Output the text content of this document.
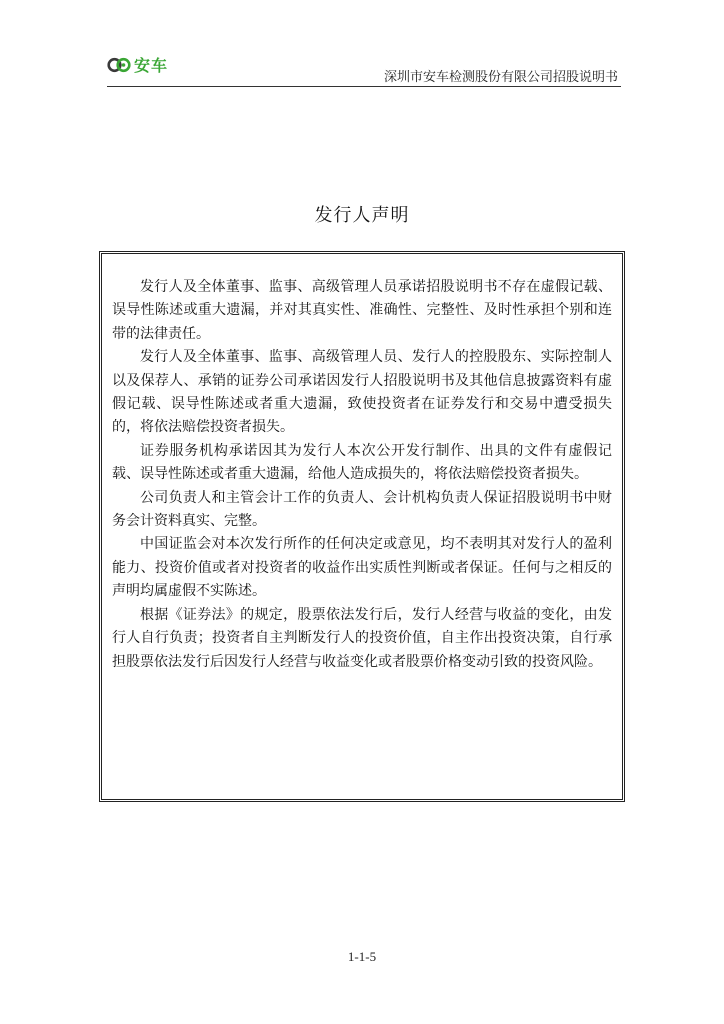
安车
深圳市安车检测股份有限公司招股说明书
发行人声明

发行人及全体董事、监事、高级管理人员承诺招股说明书不存在虚假记载、误导性陈述或重大遗漏，并对其真实性、准确性、完整性、及时性承担个别和连带的法律责任。

发行人及全体董事、监事、高级管理人员、发行人的控股股东、实际控制人以及保荐人、承销的证券公司承诺因发行人招股说明书及其他信息披露资料有虚假记载、误导性陈述或者重大遗漏，致使投资者在证券发行和交易中遭受损失的，将依法赔偿投资者损失。

证券服务机构承诺因其为发行人本次公开发行制作、出具的文件有虚假记载、误导性陈述或者重大遗漏，给他人造成损失的，将依法赔偿投资者损失。

公司负责人和主管会计工作的负责人、会计机构负责人保证招股说明书中财务会计资料真实、完整。

中国证监会对本次发行所作的任何决定或意见，均不表明其对发行人的盈利能力、投资价值或者对投资者的收益作出实质性判断或者保证。任何与之相反的声明均属虚假不实陈述。

根据《证券法》的规定，股票依法发行后，发行人经营与收益的变化，由发行人自行负责；投资者自主判断发行人的投资价值，自主作出投资决策，自行承担股票依法发行后因发行人经营与收益变化或者股票价格变动引致的投资风险。

1-1-5
